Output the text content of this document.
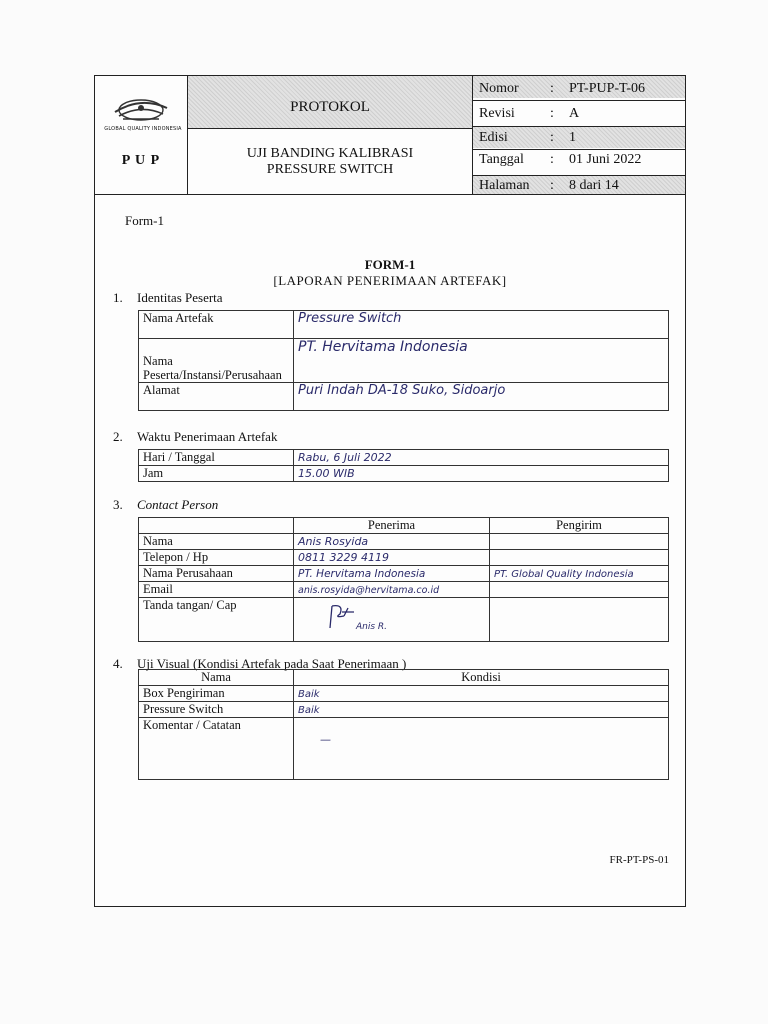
GLOBAL QUALITY INDONESIA
P U P
PROTOKOL
UJI BANDING KALIBRASI
PRESSURE SWITCH
Nomor : PT-PUP-T-06
Revisi	: A
Edisi	: 1
Tanggal : 01 Juni 2022
Halaman : 8 dari 14
Form-1
FORM-1
[LAPORAN PENERIMAAN ARTEFAK]
1. Identitas Peserta
Nama Artefak	Pressure Switch

Nama
Peserta/Instansi/Perusahaan	PT. Hervitama Indonesia
Alamat	Puri Indah DA-18 Suko, Sidoarjo
2. Waktu Penerimaan Artefak
Hari / Tanggal	Rabu, 6 Juli 2022
Jam	15.00 WIB
3. Contact Person
	Penerima	Pengirim
Nama	Anis Rosyida	
Telepon / Hp	0811 3229 4119	
Nama Perusahaan	PT. Hervitama Indonesia	PT. Global Quality Indonesia
Email	anis.rosyida@hervitama.co.id	
Tanda tangan/ Cap	Anis R.	

4. Uji Visual (Kondisi Artefak pada Saat Penerimaan )
Nama	Kondisi
Box Pengiriman	Baik
Pressure Switch	Baik
Komentar / Catatan	—
FR-PT-PS-01
